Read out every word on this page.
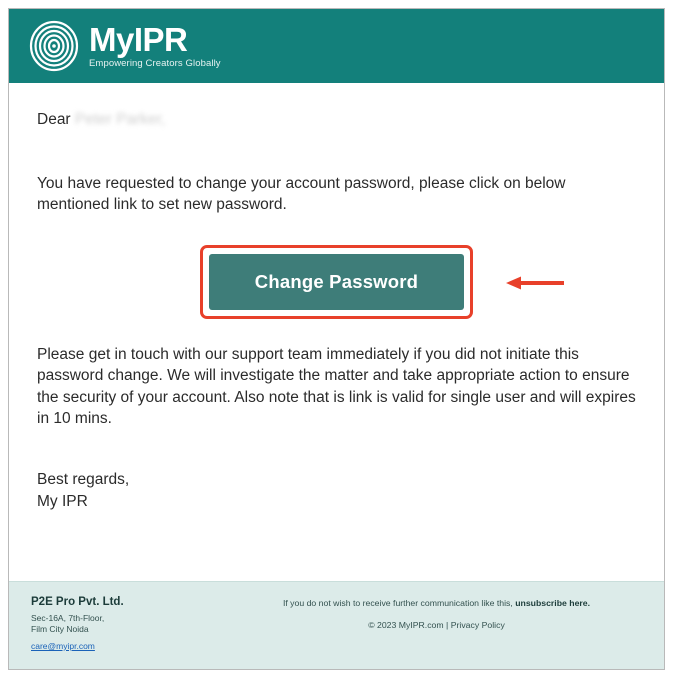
MyIPR
Empowering Creators Globally
Dear Peter Parker,
You have requested to change your account password, please click on below mentioned link to set new password.
Change Password
Please get in touch with our support team immediately if you did not initiate this password change. We will investigate the matter and take appropriate action to ensure the security of your account. Also note that is link is valid for single user and will expires in 10 mins.
Best regards,
My IPR
P2E Pro Pvt. Ltd.
Sec-16A, 7th-Floor,
Film City Noida
care@myipr.com
If you do not wish to receive further communication like this, unsubscribe here.
© 2023 MyIPR.com | Privacy Policy
